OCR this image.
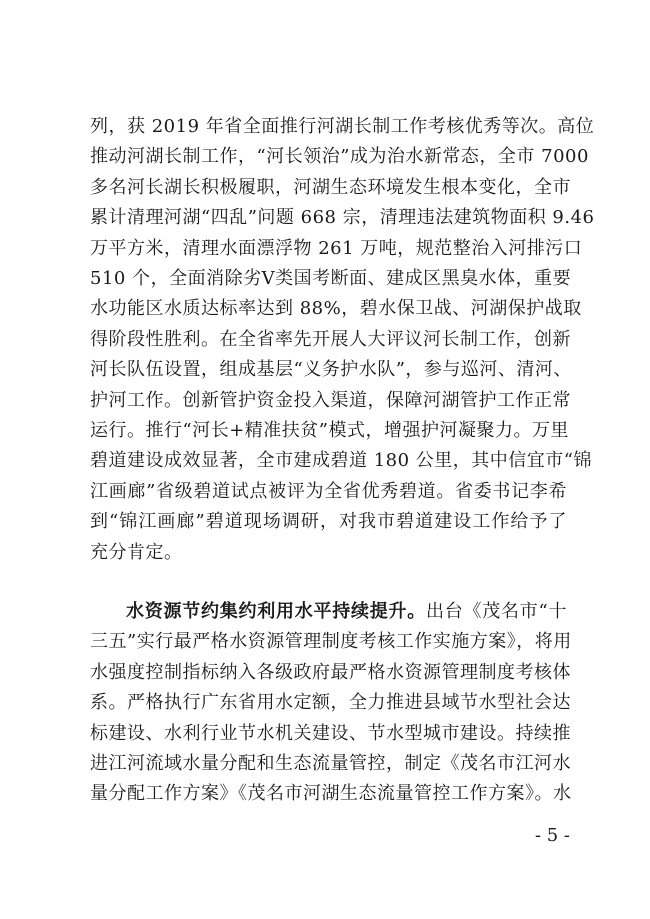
列，获 2019 年省全面推行河湖长制工作考核优秀等次。高位
推动河湖长制工作，“河长领治”成为治水新常态，全市 7000
多名河长湖长积极履职，河湖生态环境发生根本变化，全市
累计清理河湖“四乱”问题 668 宗，清理违法建筑物面积 9.46
万平方米，清理水面漂浮物 261 万吨，规范整治入河排污口
510 个，全面消除劣Ⅴ类国考断面、建成区黑臭水体，重要
水功能区水质达标率达到 88%，碧水保卫战、河湖保护战取
得阶段性胜利。在全省率先开展人大评议河长制工作，创新
河长队伍设置，组成基层“义务护水队”，参与巡河、清河、
护河工作。创新管护资金投入渠道，保障河湖管护工作正常
运行。推行“河长+精准扶贫”模式，增强护河凝聚力。万里
碧道建设成效显著，全市建成碧道 180 公里，其中信宜市“锦
江画廊”省级碧道试点被评为全省优秀碧道。省委书记李希
到“锦江画廊”碧道现场调研，对我市碧道建设工作给予了
充分肯定。
水资源节约集约利用水平持续提升。出台《茂名市“十
三五”实行最严格水资源管理制度考核工作实施方案》，将用
水强度控制指标纳入各级政府最严格水资源管理制度考核体
系。严格执行广东省用水定额，全力推进县域节水型社会达
标建设、水利行业节水机关建设、节水型城市建设。持续推
进江河流域水量分配和生态流量管控，制定《茂名市江河水
量分配工作方案》《茂名市河湖生态流量管控工作方案》。水
- 5 -
